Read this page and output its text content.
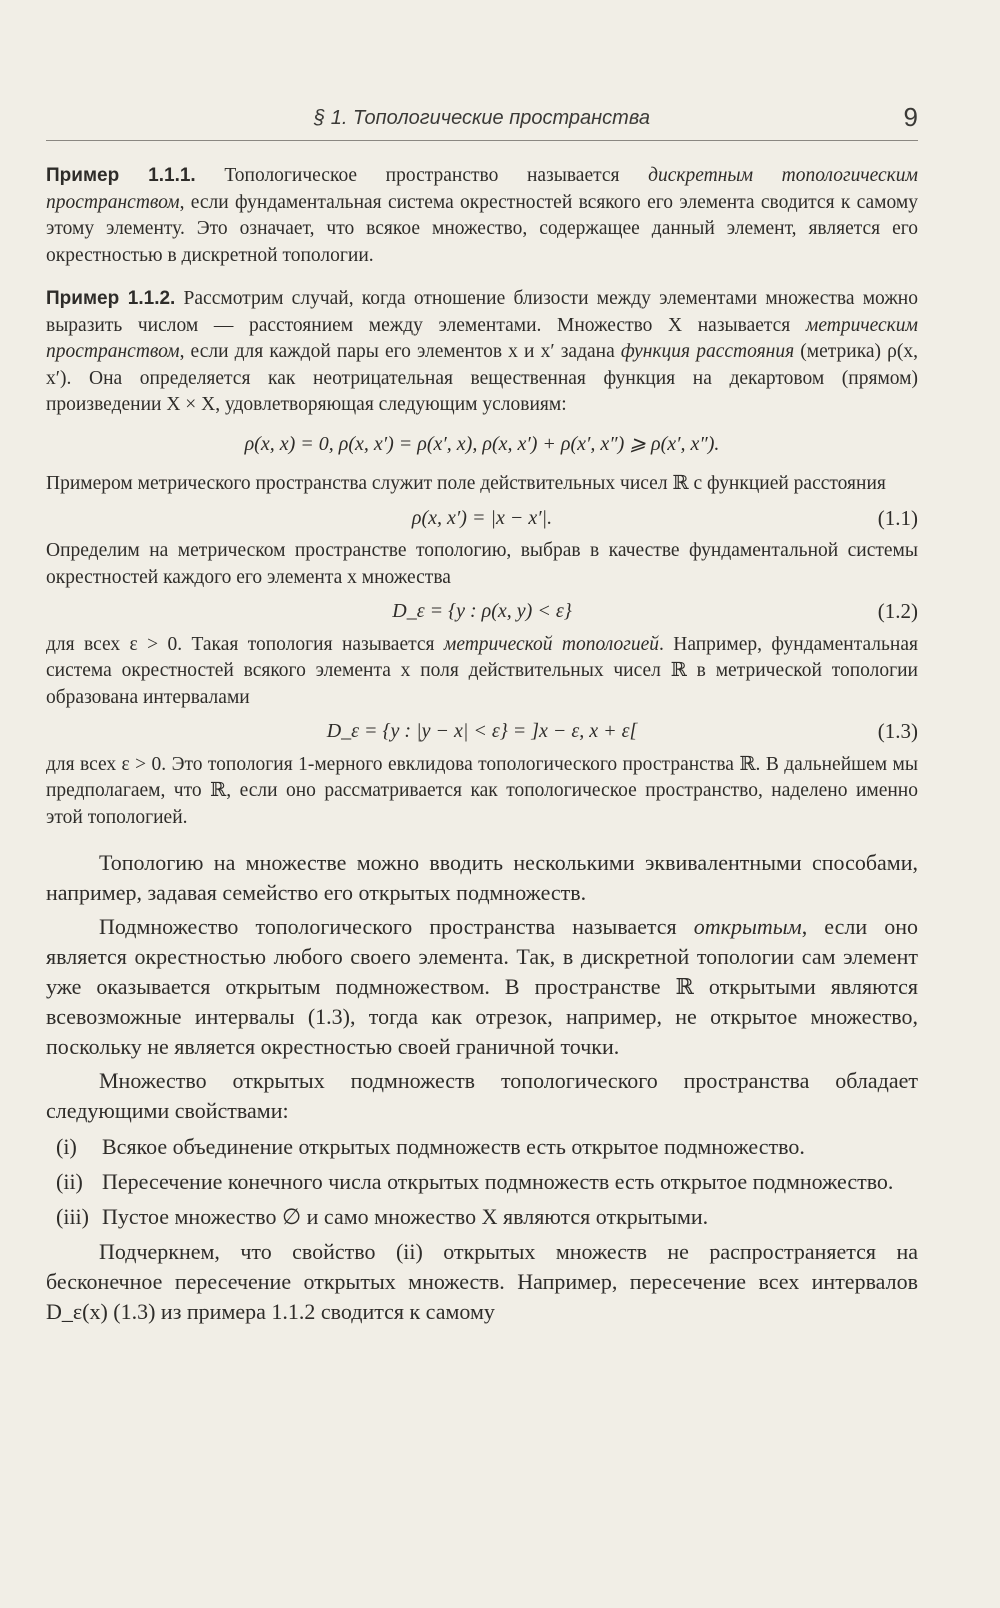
§ 1. Топологические пространства	9

Пример 1.1.1. Топологическое пространство называется дискретным топологическим пространством, если фундаментальная система окрестностей всякого его элемента сводится к самому этому элементу. Это означает, что всякое множество, содержащее данный элемент, является его окрестностью в дискретной топологии.

Пример 1.1.2. Рассмотрим случай, когда отношение близости между элементами множества можно выразить числом — расстоянием между элементами. Множество X называется метрическим пространством, если для каждой пары его элементов x и x′ задана функция расстояния (метрика) ρ(x, x′). Она определяется как неотрицательная вещественная функция на декартовом (прямом) произведении X × X, удовлетворяющая следующим условиям:

ρ(x, x) = 0, ρ(x, x′) = ρ(x′, x), ρ(x, x′) + ρ(x′, x″) ⩾ ρ(x′, x″).

Примером метрического пространства служит поле действительных чисел ℝ с функцией расстояния

ρ(x, x′) = |x − x′|.	(1.1)

Определим на метрическом пространстве топологию, выбрав в качестве фундаментальной системы окрестностей каждого его элемента x множества

D_ε = {y : ρ(x, y) < ε}	(1.2)

для всех ε > 0. Такая топология называется метрической топологией. Например, фундаментальная система окрестностей всякого элемента x поля действительных чисел ℝ в метрической топологии образована интервалами

D_ε = {y : |y − x| < ε} = ]x − ε, x + ε[	(1.3)

для всех ε > 0. Это топология 1-мерного евклидова топологического пространства ℝ. В дальнейшем мы предполагаем, что ℝ, если оно рассматривается как топологическое пространство, наделено именно этой топологией.

Топологию на множестве можно вводить несколькими эквивалентными способами, например, задавая семейство его открытых подмножеств.

Подмножество топологического пространства называется открытым, если оно является окрестностью любого своего элемента. Так, в дискретной топологии сам элемент уже оказывается открытым подмножеством. В пространстве ℝ открытыми являются всевозможные интервалы (1.3), тогда как отрезок, например, не открытое множество, поскольку не является окрестностью своей граничной точки.

Множество открытых подмножеств топологического пространства обладает следующими свойствами:

(i) Всякое объединение открытых подмножеств есть открытое подмножество.
(ii) Пересечение конечного числа открытых подмножеств есть открытое подмножество.
(iii) Пустое множество ∅ и само множество X являются открытыми.

Подчеркнем, что свойство (ii) открытых множеств не распространяется на бесконечное пересечение открытых множеств. Например, пересечение всех интервалов D_ε(x) (1.3) из примера 1.1.2 сводится к самому
